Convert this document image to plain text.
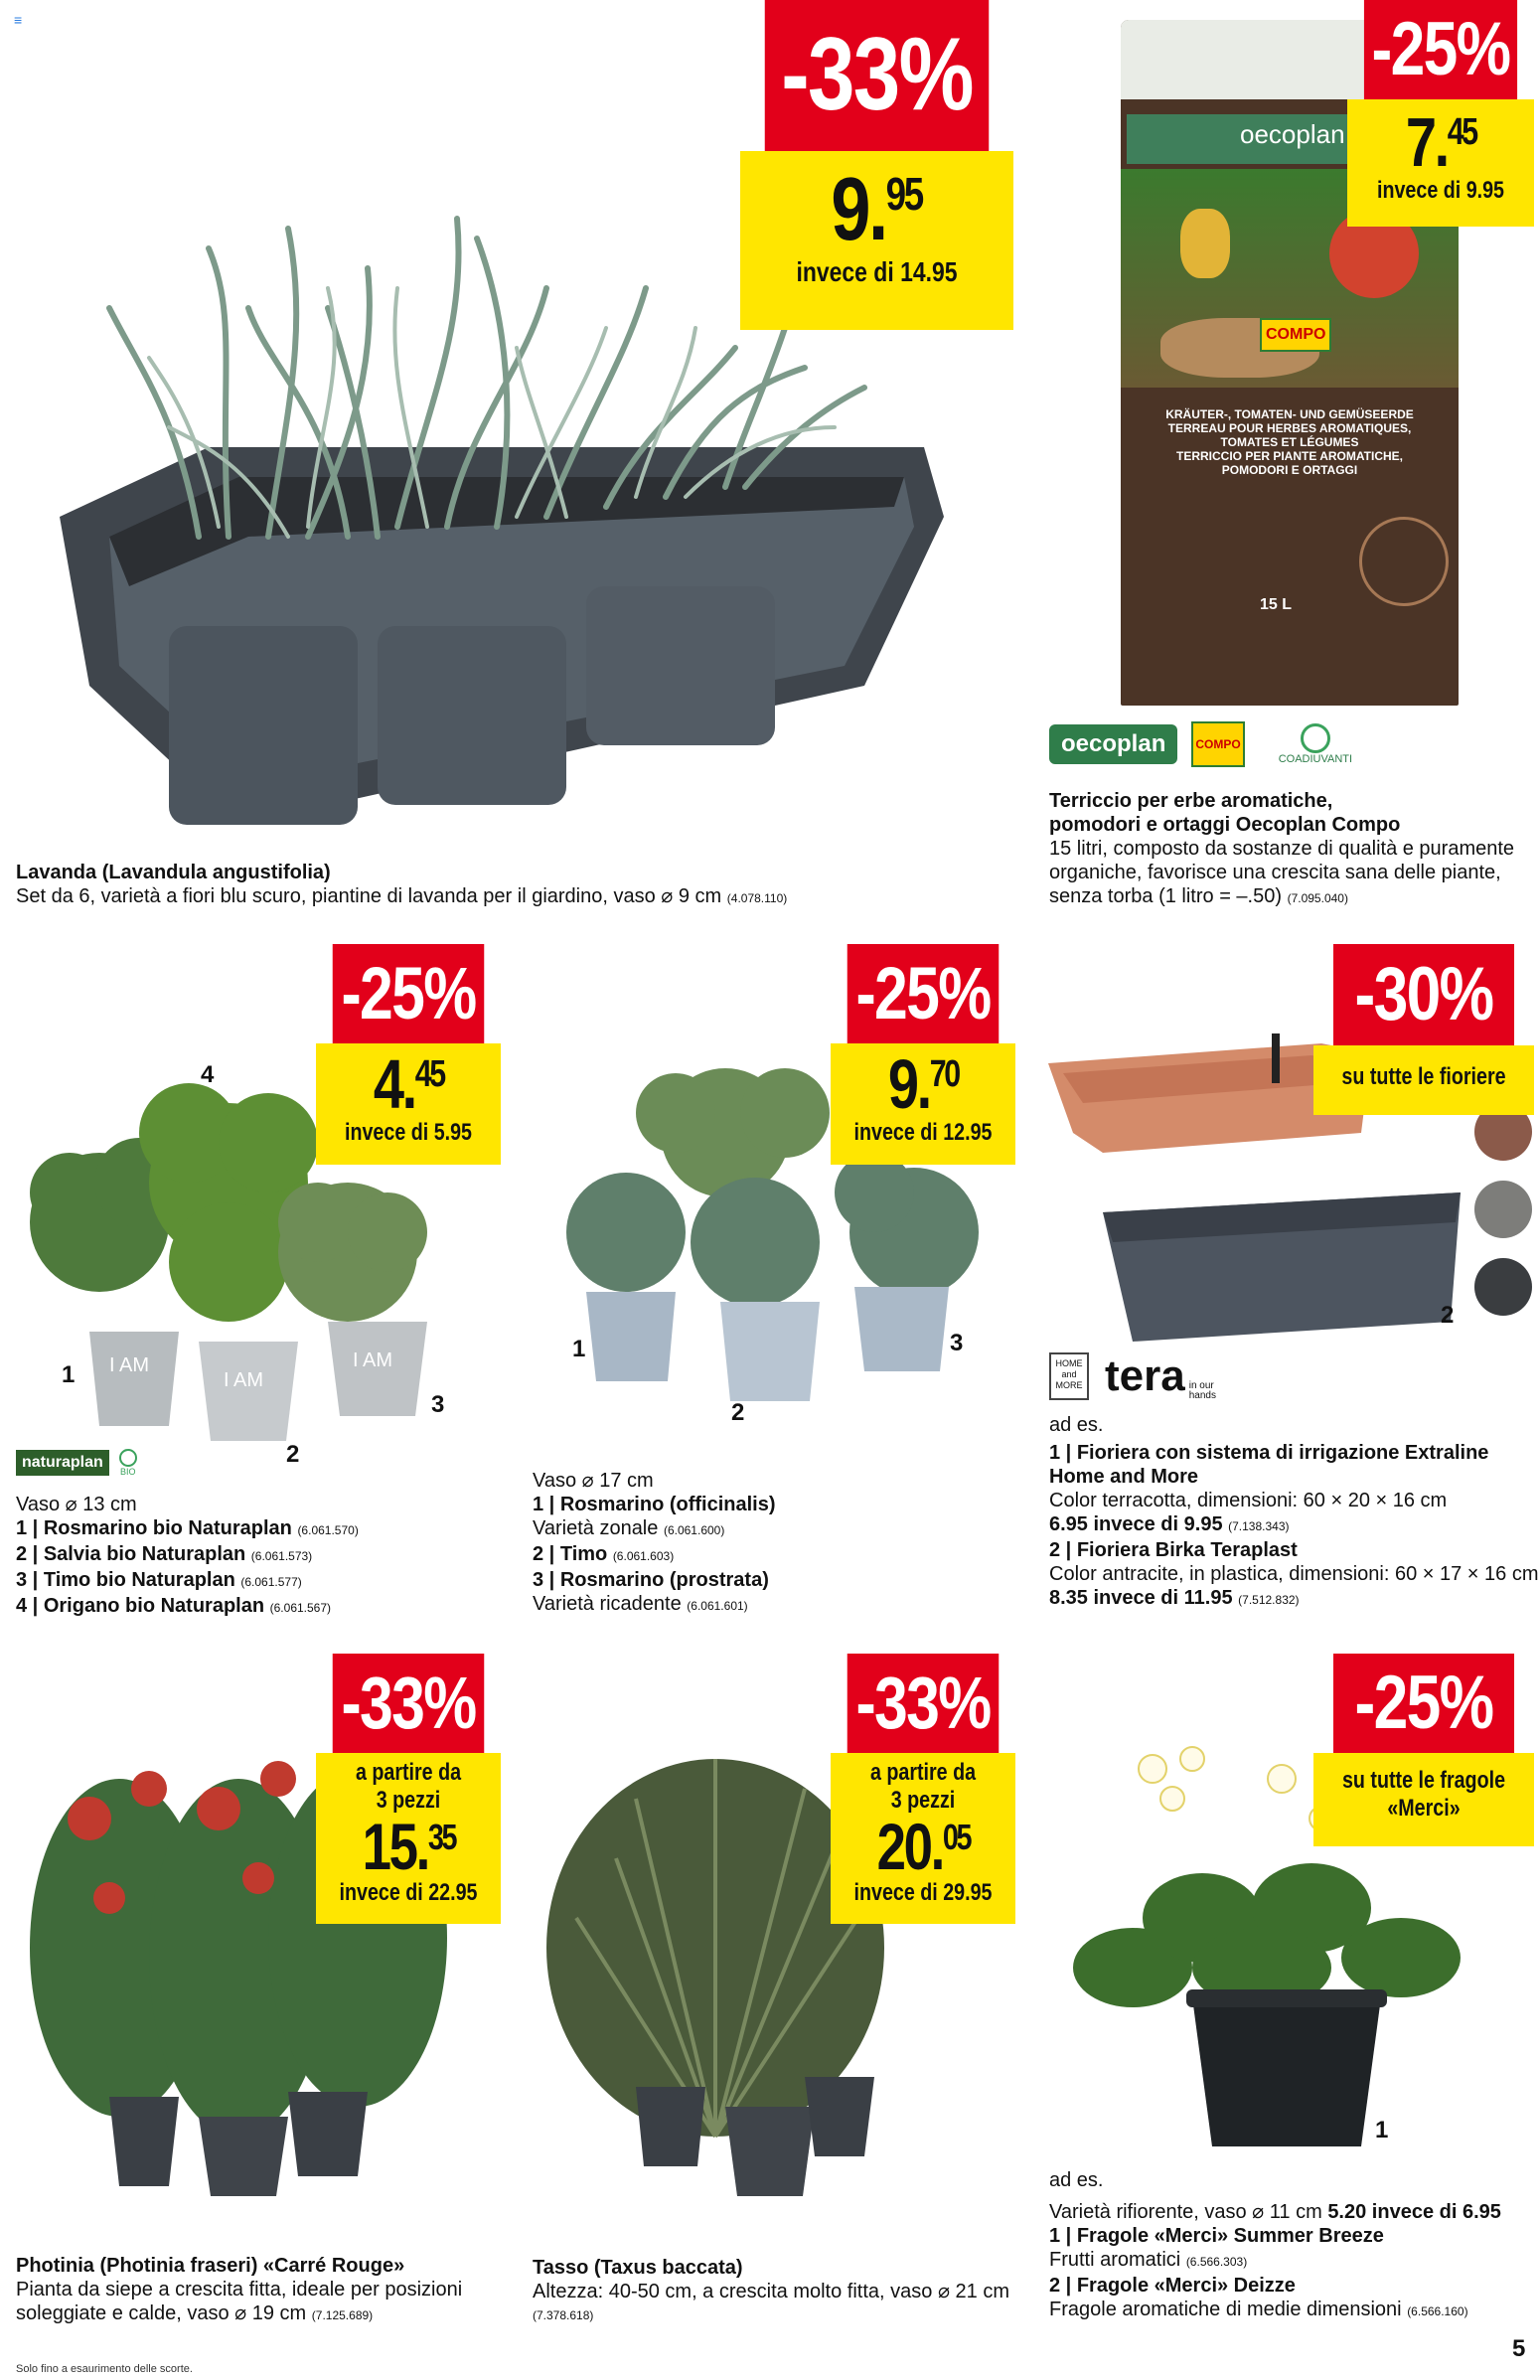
≡	-33%
9 . 95
invece di 14.95
Lavanda (Lavandula angustifolia)
Set da 6, varietà a fiori blu scuro, piantine di lavanda per il giardino, vaso ⌀ 9 cm (4.078.110)
oecoplan
COMPO
KRÄUTER-, TOMATEN- UND GEMÜSEERDE
TERREAU POUR HERBES AROMATIQUES,
TOMATES ET LÉGUMES
TERRICCIO PER PIANTE AROMATICHE,
POMODORI E ORTAGGI
15 L
-25%
7 . 45
invece di 9.95
oecoplan	COMPO
COADIUVANTI
Terriccio per erbe aromatiche,
pomodori e ortaggi Oecoplan Compo
15 litri, composto da sostanze di qualità e puramente
organiche, favorisce una crescita sana delle piante,
senza torba (1 litro = –.50) (7.095.040)
I AM
I AM
I AM
1
2
3
4
-25%
4 . 45
invece di 5.95
naturaplan
BIO
Vaso ⌀ 13 cm
1 | Rosmarino bio Naturaplan (6.061.570)
2 | Salvia bio Naturaplan (6.061.573)
3 | Timo bio Naturaplan (6.061.577)
4 | Origano bio Naturaplan (6.061.567)
1
2
3
-25%
9 . 70
invece di 12.95
Vaso ⌀ 17 cm
1 | Rosmarino (officinalis)
Varietà zonale (6.061.600)
2 | Timo (6.061.603)
3 | Rosmarino (prostrata)
Varietà ricadente (6.061.601)
2
-30%
su tutte le fioriere
HOME and MORE tera in our hands
ad es.
1 | Fioriera con sistema di irrigazione Extraline
Home and More
Color terracotta, dimensioni: 60 × 20 × 16 cm
6.95 invece di 9.95 (7.138.343)
2 | Fioriera Birka Teraplast
Color antracite, in plastica, dimensioni: 60 × 17 × 16 cm
8.35 invece di 11.95 (7.512.832)
-33%
a partire da
3 pezzi
15 . 35
invece di 22.95
Photinia (Photinia fraseri) «Carré Rouge»
Pianta da siepe a crescita fitta, ideale per posizioni
soleggiate e calde, vaso ⌀ 19 cm (7.125.689)
-33%
a partire da
3 pezzi
20 . 05
invece di 29.95
Tasso (Taxus baccata)
Altezza: 40-50 cm, a crescita molto fitta, vaso ⌀ 21 cm
(7.378.618)
1
-25%
su tutte le fragole
«Merci»
ad es.
Varietà rifiorente, vaso ⌀ 11 cm 5.20 invece di 6.95
1 | Fragole «Merci» Summer Breeze
Frutti aromatici (6.566.303)
2 | Fragole «Merci» Deizze
Fragole aromatiche di medie dimensioni (6.566.160)
Solo fino a esaurimento delle scorte.
5
